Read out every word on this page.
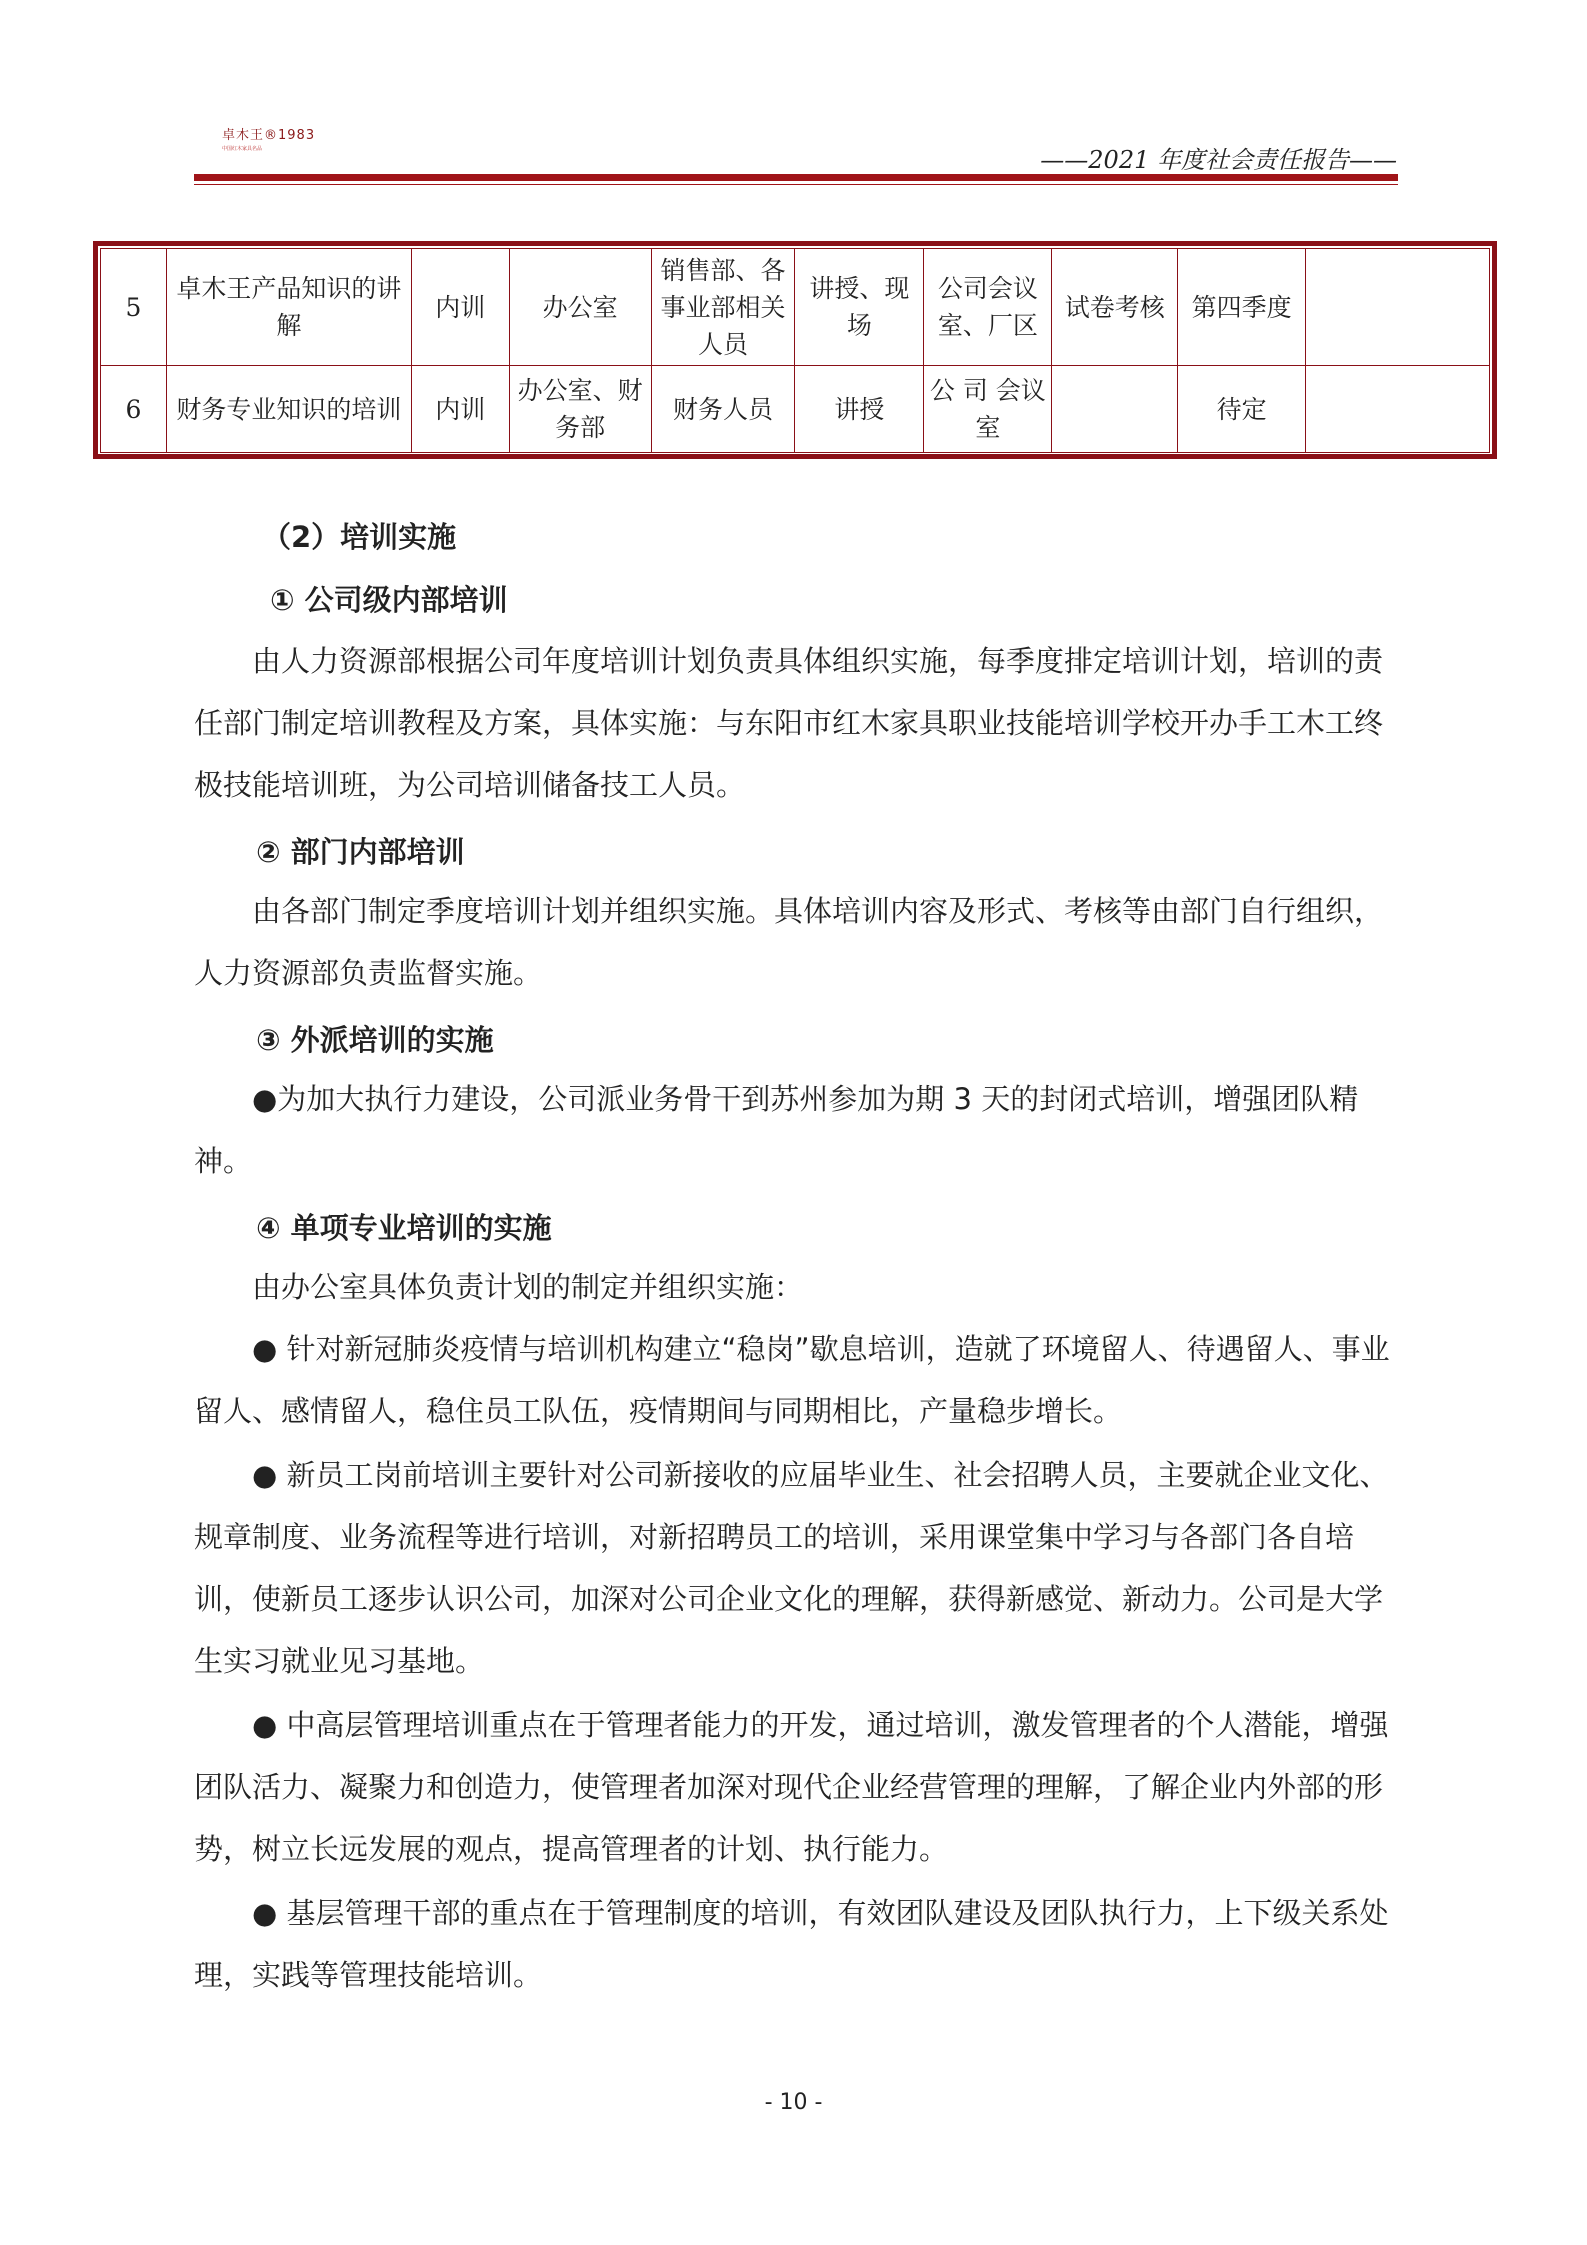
卓木王®1983
中国红木家具名品	——2021 年度社会责任报告——
5	卓木王产品知识的讲解	内训	办公室	销售部、各事业部相关人员	讲授、现场	公司会议室、厂区	试卷考核	第四季度	
6	财务专业知识的培训	内训	办公室、财务部	财务人员	讲授	公 司 会议室		待定	
（2）培训实施
① 公司级内部培训
由人力资源部根据公司年度培训计划负责具体组织实施，每季度排定培训计划，培训的责任部门制定培训教程及方案，具体实施：与东阳市红木家具职业技能培训学校开办手工木工终极技能培训班，为公司培训储备技工人员。
② 部门内部培训
由各部门制定季度培训计划并组织实施。具体培训内容及形式、考核等由部门自行组织，人力资源部负责监督实施。
③ 外派培训的实施
●为加大执行力建设，公司派业务骨干到苏州参加为期 3 天的封闭式培训，增强团队精神。
④ 单项专业培训的实施
由办公室具体负责计划的制定并组织实施：
● 针对新冠肺炎疫情与培训机构建立“稳岗”歇息培训，造就了环境留人、待遇留人、事业留人、感情留人，稳住员工队伍，疫情期间与同期相比，产量稳步增长。
● 新员工岗前培训主要针对公司新接收的应届毕业生、社会招聘人员，主要就企业文化、规章制度、业务流程等进行培训，对新招聘员工的培训，采用课堂集中学习与各部门各自培训，使新员工逐步认识公司，加深对公司企业文化的理解，获得新感觉、新动力。公司是大学生实习就业见习基地。
● 中高层管理培训重点在于管理者能力的开发，通过培训，激发管理者的个人潜能，增强团队活力、凝聚力和创造力，使管理者加深对现代企业经营管理的理解，了解企业内外部的形势，树立长远发展的观点，提高管理者的计划、执行能力。
● 基层管理干部的重点在于管理制度的培训，有效团队建设及团队执行力，上下级关系处理，实践等管理技能培训。
- 10 -
